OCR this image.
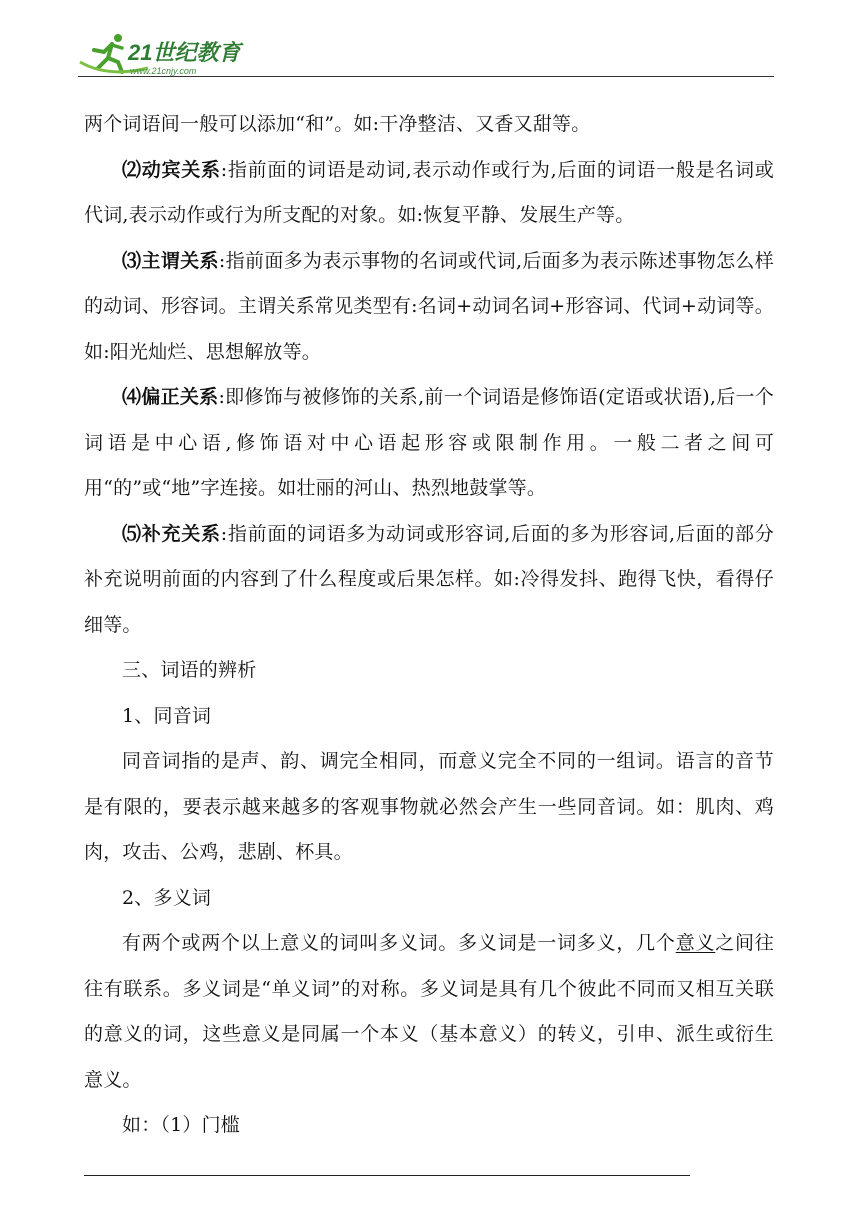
21世纪教育
www.21cnjy.com

两个词语间一般可以添加“和”。如:干净整洁、又香又甜等。

⑵动宾关系:指前面的词语是动词,表示动作或行为,后面的词语一般是名词或代词,表示动作或行为所支配的对象。如:恢复平静、发展生产等。

⑶主谓关系:指前面多为表示事物的名词或代词,后面多为表示陈述事物怎么样的动词、形容词。主谓关系常见类型有:名词+动词名词+形容词、代词+动词等。如:阳光灿烂、思想解放等。

⑷偏正关系:即修饰与被修饰的关系,前一个词语是修饰语(定语或状语),后一个词语是中心语,修饰语对中心语起形容或限制作用。一般二者之间可用“的”或“地”字连接。如壮丽的河山、热烈地鼓掌等。

⑸补充关系:指前面的词语多为动词或形容词,后面的多为形容词,后面的部分补充说明前面的内容到了什么程度或后果怎样。如:冷得发抖、跑得飞快，看得仔细等。

三、词语的辨析

1、同音词

同音词指的是声、韵、调完全相同，而意义完全不同的一组词。语言的音节是有限的，要表示越来越多的客观事物就必然会产生一些同音词。如：肌肉、鸡肉，攻击、公鸡，悲剧、杯具。

2、多义词

有两个或两个以上意义的词叫多义词。多义词是一词多义，几个意义之间往往有联系。多义词是“单义词”的对称。多义词是具有几个彼此不同而又相互关联的意义的词，这些意义是同属一个本义（基本意义）的转义，引申、派生或衍生意义。

如：（1）门槛
